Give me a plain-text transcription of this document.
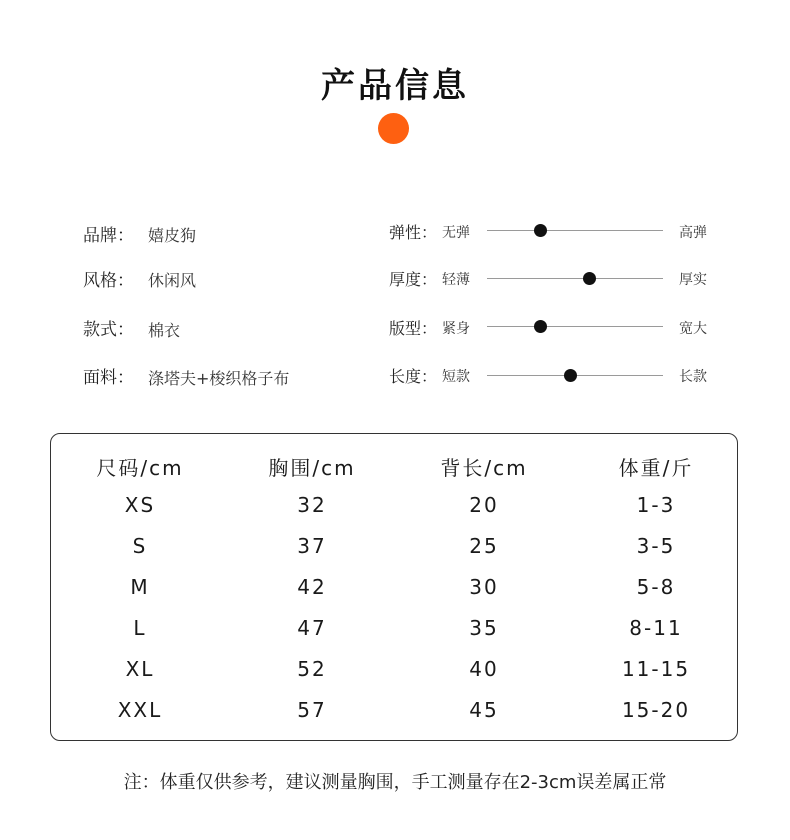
产品信息
品牌： 嬉皮狗
风格： 休闲风
款式： 棉衣
面料： 涤塔夫+梭织格子布
弹性： 无弹	高弹
厚度： 轻薄	厚实
版型： 紧身	宽大
长度： 短款	长款
尺码/cm	胸围/cm	背长/cm	体重/斤
XS	32	20	1-3
S	37	25	3-5
M	42	30	5-8
L	47	35	8-11
XL	52	40	11-15
XXL	57	45	15-20
注：体重仅供参考，建议测量胸围，手工测量存在2-3cm误差属正常
